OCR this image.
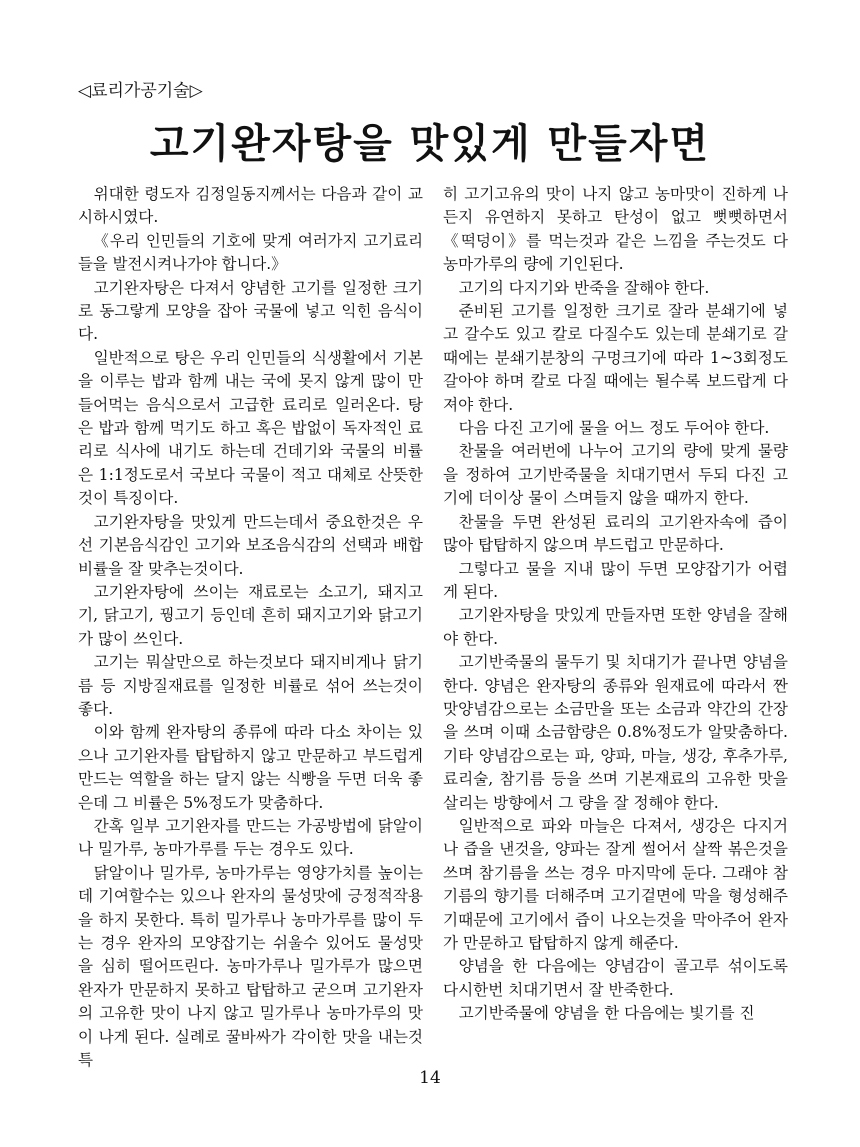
◁료리가공기술▷
고기완자탕을 맛있게 만들자면

위대한 령도자 김정일동지께서는 다음과 같이 교시하시였다.

《우리 인민들의 기호에 맞게 여러가지 고기료리들을 발전시켜나가야 합니다.》

고기완자탕은 다져서 양념한 고기를 일정한 크기로 동그랗게 모양을 잡아 국물에 넣고 익힌 음식이다.

일반적으로 탕은 우리 인민들의 식생활에서 기본을 이루는 밥과 함께 내는 국에 못지 않게 많이 만들어먹는 음식으로서 고급한 료리로 일러온다. 탕은 밥과 함께 먹기도 하고 혹은 밥없이 독자적인 료리로 식사에 내기도 하는데 건데기와 국물의 비률은 1:1정도로서 국보다 국물이 적고 대체로 산뜻한것이 특징이다.

고기완자탕을 맛있게 만드는데서 중요한것은 우선 기본음식감인 고기와 보조음식감의 선택과 배합비률을 잘 맞추는것이다.

고기완자탕에 쓰이는 재료로는 소고기, 돼지고기, 닭고기, 꿩고기 등인데 흔히 돼지고기와 닭고기가 많이 쓰인다.

고기는 뭐살만으로 하는것보다 돼지비게나 닭기름 등 지방질재료를 일정한 비률로 섞어 쓰는것이 좋다.

이와 함께 완자탕의 종류에 따라 다소 차이는 있으나 고기완자를 탑탑하지 않고 만문하고 부드럽게 만드는 역할을 하는 달지 않는 식빵을 두면 더욱 좋은데 그 비률은 5%정도가 맞춤하다.

간혹 일부 고기완자를 만드는 가공방법에 닭알이나 밀가루, 농마가루를 두는 경우도 있다.

닭알이나 밀가루, 농마가루는 영양가치를 높이는데 기여할수는 있으나 완자의 물성맛에 긍정적작용을 하지 못한다. 특히 밀가루나 농마가루를 많이 두는 경우 완자의 모양잡기는 쉬울수 있어도 물성맛을 심히 떨어뜨린다. 농마가루나 밀가루가 많으면 완자가 만문하지 못하고 탑탑하고 굳으며 고기완자의 고유한 맛이 나지 않고 밀가루나 농마가루의 맛이 나게 된다. 실례로 꿀바싸가 각이한 맛을 내는것 특

히 고기고유의 맛이 나지 않고 농마맛이 진하게 나든지 유연하지 못하고 탄성이 없고 뻣뻣하면서 《떡덩이》를 먹는것과 같은 느낌을 주는것도 다 농마가루의 량에 기인된다.

고기의 다지기와 반죽을 잘해야 한다.

준비된 고기를 일정한 크기로 잘라 분쇄기에 넣고 갈수도 있고 칼로 다질수도 있는데 분쇄기로 갈 때에는 분쇄기분창의 구멍크기에 따라 1~3회정도 갈아야 하며 칼로 다질 때에는 될수록 보드랍게 다져야 한다.

다음 다진 고기에 물을 어느 정도 두어야 한다.

찬물을 여러번에 나누어 고기의 량에 맞게 물량을 정하여 고기반죽물을 치대기면서 두되 다진 고기에 더이상 물이 스며들지 않을 때까지 한다.

찬물을 두면 완성된 료리의 고기완자속에 즙이 많아 탑탑하지 않으며 부드럽고 만문하다.

그렇다고 물을 지내 많이 두면 모양잡기가 어렵게 된다.

고기완자탕을 맛있게 만들자면 또한 양념을 잘해야 한다.

고기반죽물의 물두기 및 치대기가 끝나면 양념을 한다. 양념은 완자탕의 종류와 원재료에 따라서 짠맛양념감으로는 소금만을 또는 소금과 약간의 간장을 쓰며 이때 소금함량은 0.8%정도가 알맞춤하다. 기타 양념감으로는 파, 양파, 마늘, 생강, 후추가루, 료리술, 참기름 등을 쓰며 기본재료의 고유한 맛을 살리는 방향에서 그 량을 잘 정해야 한다.

일반적으로 파와 마늘은 다져서, 생강은 다지거나 즙을 낸것을, 양파는 잘게 썰어서 살짝 볶은것을 쓰며 참기름을 쓰는 경우 마지막에 둔다. 그래야 참기름의 향기를 더해주며 고기겉면에 막을 형성해주기때문에 고기에서 즙이 나오는것을 막아주어 완자가 만문하고 탑탑하지 않게 해준다.

양념을 한 다음에는 양념감이 골고루 섞이도록 다시한번 치대기면서 잘 반죽한다.

고기반죽물에 양념을 한 다음에는 빛기를 진

14
